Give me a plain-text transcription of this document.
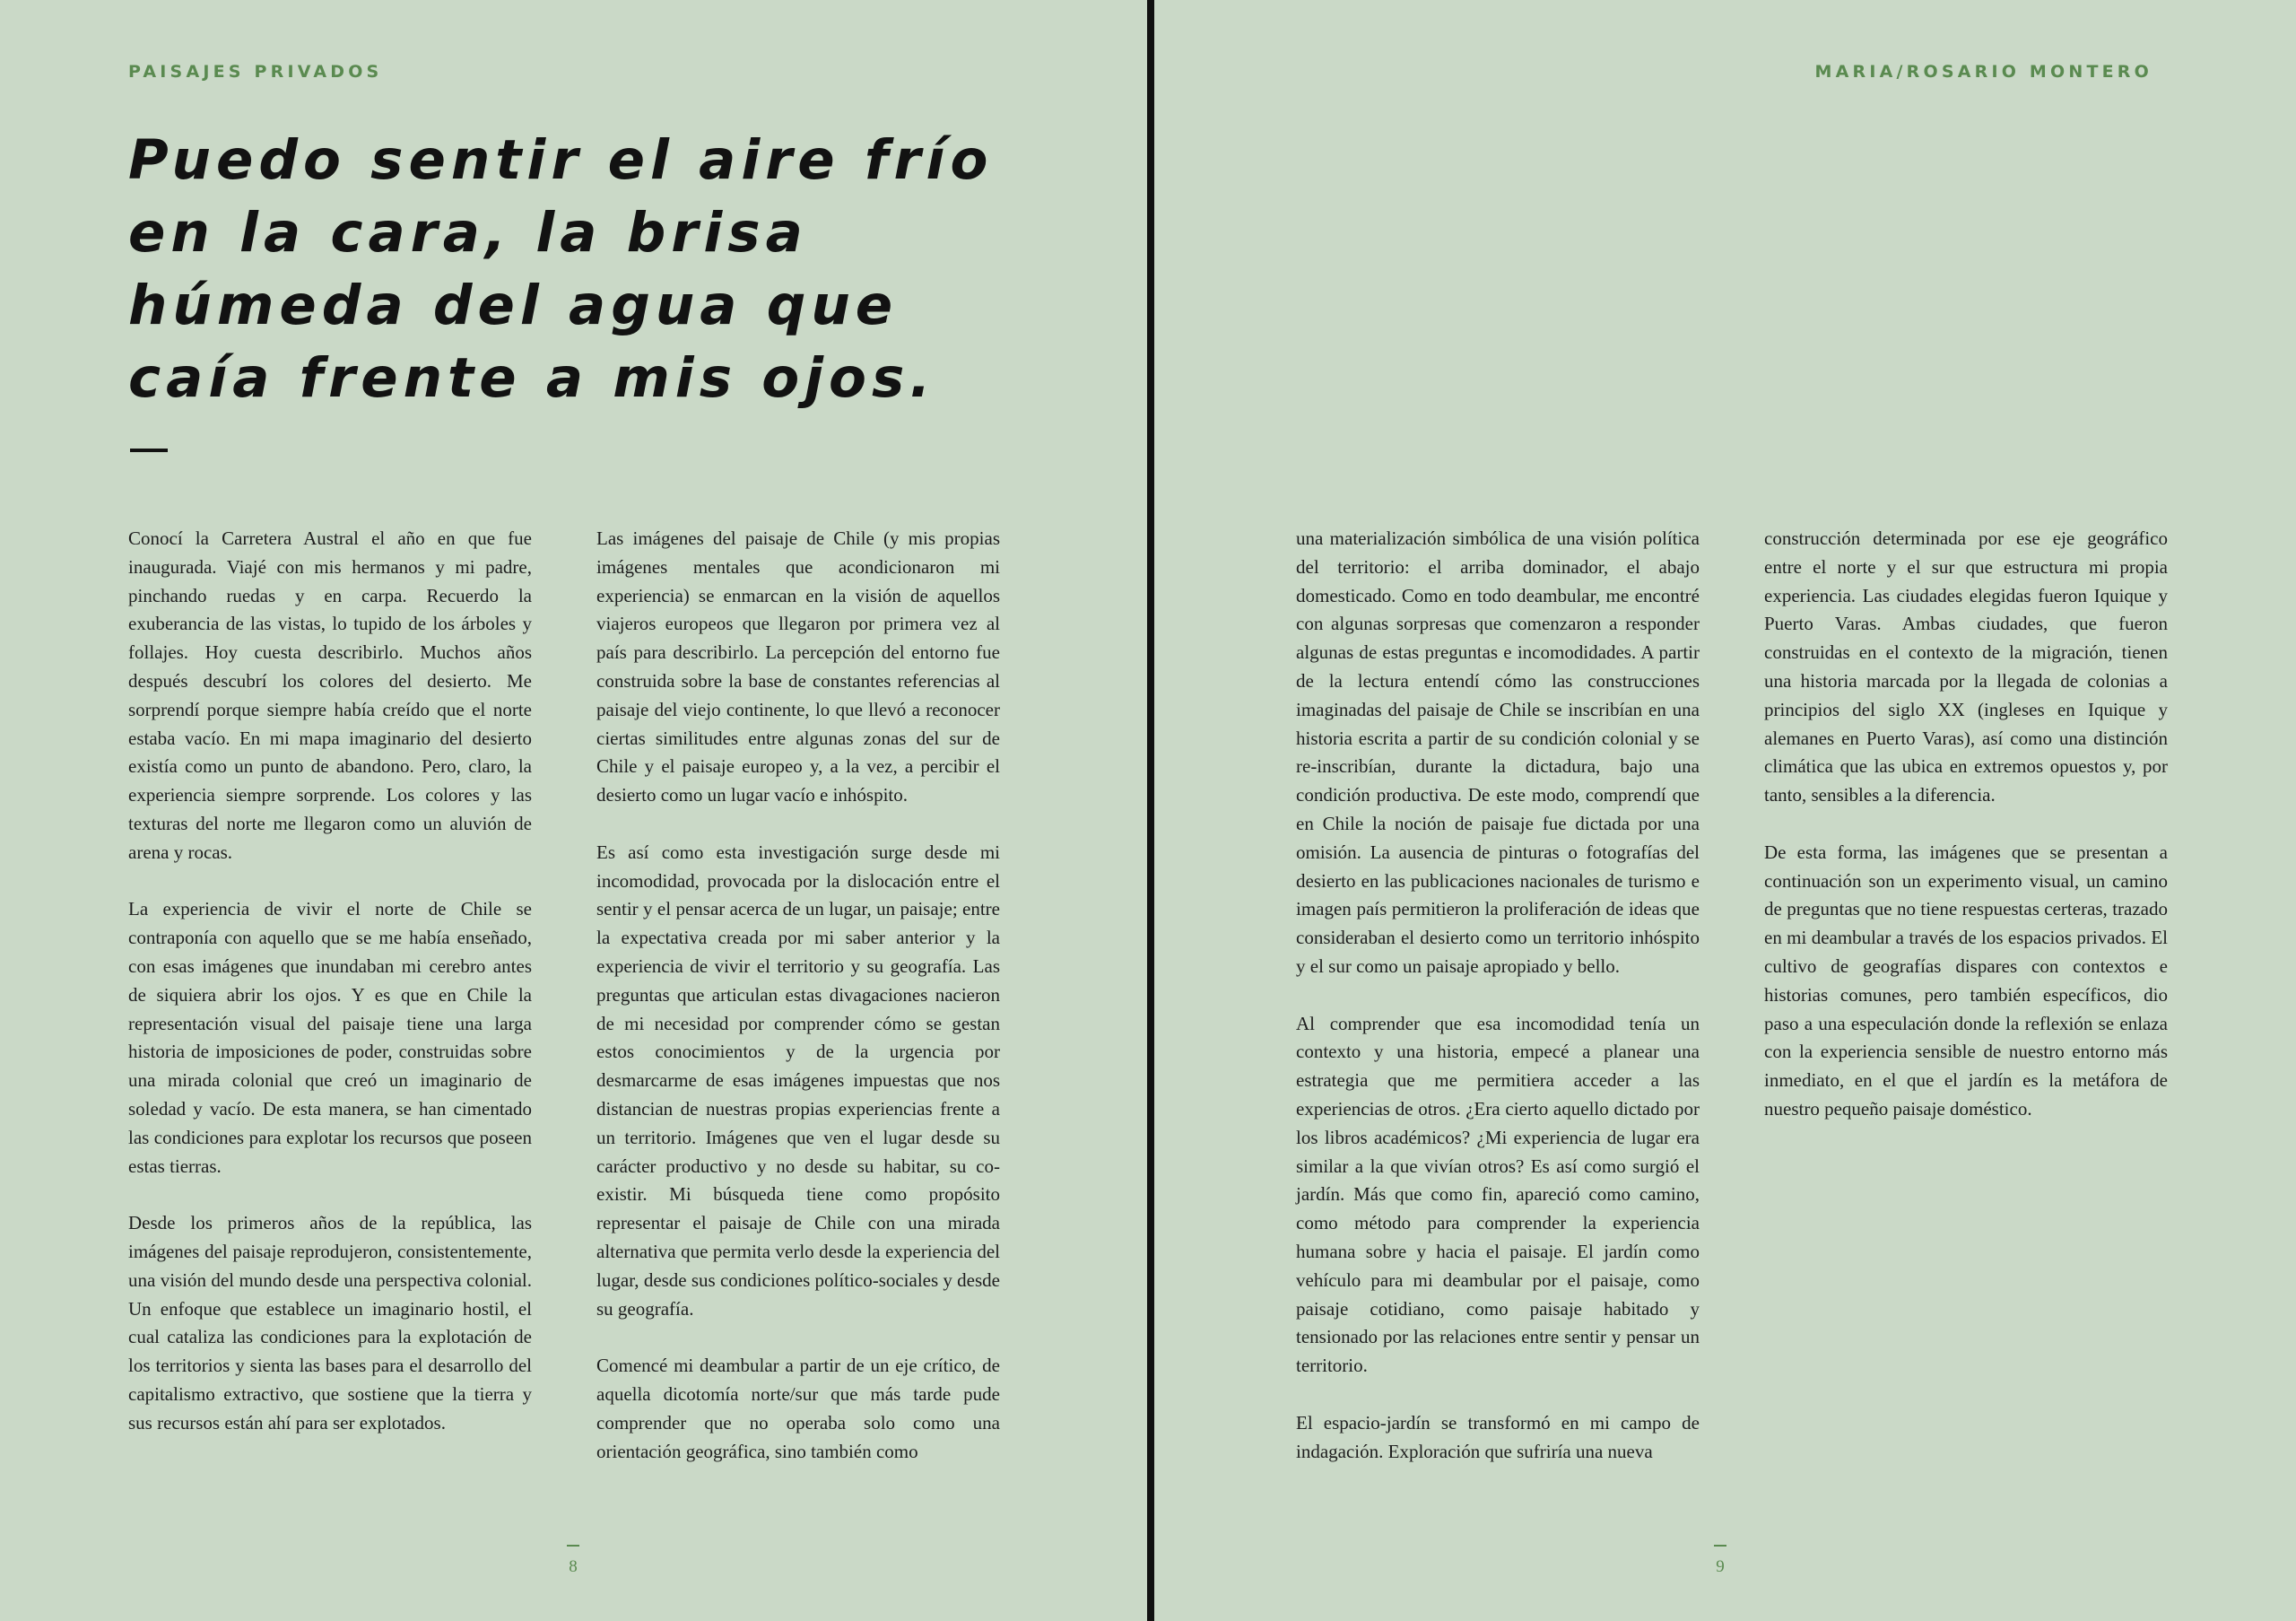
PAISAJES PRIVADOS
Puedo sentir el aire frío en la cara, la brisa húmeda del agua que caía frente a mis ojos.

Conocí la Carretera Austral el año en que fue inaugurada. Viajé con mis hermanos y mi padre, pinchando ruedas y en carpa. Recuerdo la exuberancia de las vistas, lo tupido de los árboles y follajes. Hoy cuesta describirlo. Muchos años después descubrí los colores del desierto. Me sorprendí porque siempre había creído que el norte estaba vacío. En mi mapa imaginario del desierto existía como un punto de abandono. Pero, claro, la experiencia siempre sorprende. Los colores y las texturas del norte me llegaron como un aluvión de arena y rocas.

La experiencia de vivir el norte de Chile se contraponía con aquello que se me había enseñado, con esas imágenes que inundaban mi cerebro antes de siquiera abrir los ojos. Y es que en Chile la representación visual del paisaje tiene una larga historia de imposiciones de poder, construidas sobre una mirada colonial que creó un imaginario de soledad y vacío. De esta manera, se han cimentado las condiciones para explotar los recursos que poseen estas tierras.

Desde los primeros años de la república, las imágenes del paisaje reprodujeron, consistentemente, una visión del mundo desde una perspectiva colonial. Un enfoque que establece un imaginario hostil, el cual cataliza las condiciones para la explotación de los territorios y sienta las bases para el desarrollo del capitalismo extractivo, que sostiene que la tierra y sus recursos están ahí para ser explotados.

Las imágenes del paisaje de Chile (y mis propias imágenes mentales que acondicionaron mi experiencia) se enmarcan en la visión de aquellos viajeros europeos que llegaron por primera vez al país para describirlo. La percepción del entorno fue construida sobre la base de constantes referencias al paisaje del viejo continente, lo que llevó a reconocer ciertas similitudes entre algunas zonas del sur de Chile y el paisaje europeo y, a la vez, a percibir el desierto como un lugar vacío e inhóspito.

Es así como esta investigación surge desde mi incomodidad, provocada por la dislocación entre el sentir y el pensar acerca de un lugar, un paisaje; entre la expectativa creada por mi saber anterior y la experiencia de vivir el territorio y su geografía. Las preguntas que articulan estas divagaciones nacieron de mi necesidad por comprender cómo se gestan estos conocimientos y de la urgencia por desmarcarme de esas imágenes impuestas que nos distancian de nuestras propias experiencias frente a un territorio. Imágenes que ven el lugar desde su carácter productivo y no desde su habitar, su co-existir. Mi búsqueda tiene como propósito representar el paisaje de Chile con una mirada alternativa que permita verlo desde la experiencia del lugar, desde sus condiciones político-sociales y desde su geografía.

Comencé mi deambular a partir de un eje crítico, de aquella dicotomía norte/sur que más tarde pude comprender que no operaba solo como una orientación geográfica, sino también como

8
MARIA/ROSARIO MONTERO

una materialización simbólica de una visión política del territorio: el arriba dominador, el abajo domesticado. Como en todo deambular, me encontré con algunas sorpresas que comenzaron a responder algunas de estas preguntas e incomodidades. A partir de la lectura entendí cómo las construcciones imaginadas del paisaje de Chile se inscribían en una historia escrita a partir de su condición colonial y se re-inscribían, durante la dictadura, bajo una condición productiva. De este modo, comprendí que en Chile la noción de paisaje fue dictada por una omisión. La ausencia de pinturas o fotografías del desierto en las publicaciones nacionales de turismo e imagen país permitieron la proliferación de ideas que consideraban el desierto como un territorio inhóspito y el sur como un paisaje apropiado y bello.

Al comprender que esa incomodidad tenía un contexto y una historia, empecé a planear una estrategia que me permitiera acceder a las experiencias de otros. ¿Era cierto aquello dictado por los libros académicos? ¿Mi experiencia de lugar era similar a la que vivían otros? Es así como surgió el jardín. Más que como fin, apareció como camino, como método para comprender la experiencia humana sobre y hacia el paisaje. El jardín como vehículo para mi deambular por el paisaje, como paisaje cotidiano, como paisaje habitado y tensionado por las relaciones entre sentir y pensar un territorio.

El espacio-jardín se transformó en mi campo de indagación. Exploración que sufriría una nueva

construcción determinada por ese eje geográfico entre el norte y el sur que estructura mi propia experiencia. Las ciudades elegidas fueron Iquique y Puerto Varas. Ambas ciudades, que fueron construidas en el contexto de la migración, tienen una historia marcada por la llegada de colonias a principios del siglo XX (ingleses en Iquique y alemanes en Puerto Varas), así como una distinción climática que las ubica en extremos opuestos y, por tanto, sensibles a la diferencia.

De esta forma, las imágenes que se presentan a continuación son un experimento visual, un camino de preguntas que no tiene respuestas certeras, trazado en mi deambular a través de los espacios privados. El cultivo de geografías dispares con contextos e historias comunes, pero también específicos, dio paso a una especulación donde la reflexión se enlaza con la experiencia sensible de nuestro entorno más inmediato, en el que el jardín es la metáfora de nuestro pequeño paisaje doméstico.

9
